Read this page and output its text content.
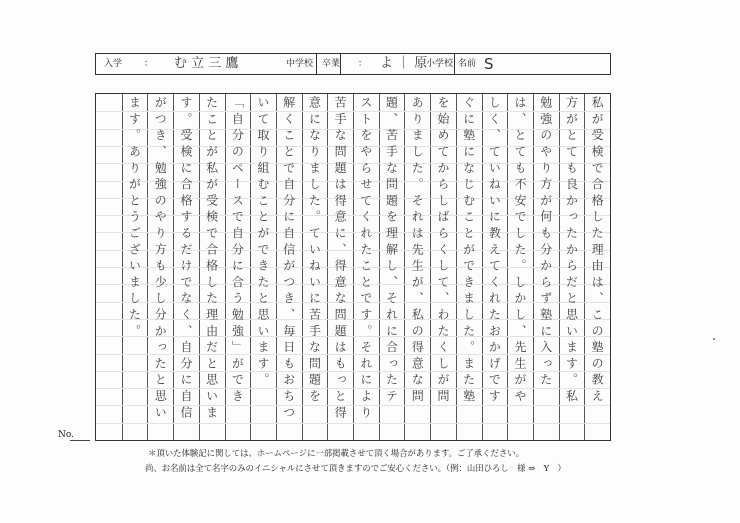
入学 ： む 立 三 鷹	中学校 卒業 ： よ ｜ 原
小学校 名前 S
私が受検で合格した理由は、この塾の教え
方がとても良かったからだと思います。私
勉強のやり方が何も分からず塾に入った
は、とても不安でした。しかし、先生がや
しく、ていねいに教えてくれたおかげです
ぐに塾になじむことができました。また塾
を始めてからしばらくして、わたくしが問
ありました。それは先生が、私の得意な問
題、苦手な問題を理解し、それに合ったテ
ストをやらせてくれたことです。それにより
苦手な問題は得意に、得意な問題はもっと得
意になりました。ていねいに苦手な問題を
解くことで自分に自信がつき、毎日もおちつ
いて取り組むことができたと思います。
「自分のペースで自分に合う勉強」ができ
たことが私が受検で合格した理由だと思いま
す。受検に合格するだけでなく、自分に自信
がつき、勉強のやり方も少し分かったと思い
ます。ありがとうございました。
No.
＊頂いた体験記に関しては、ホームページに一部掲載させて頂く場合があります。ご了承ください。
尚、お名前は全て名字のみのイニシャルにさせて頂きますのでご安心ください。（例：山田ひろし　様 ⇒　Y　）
